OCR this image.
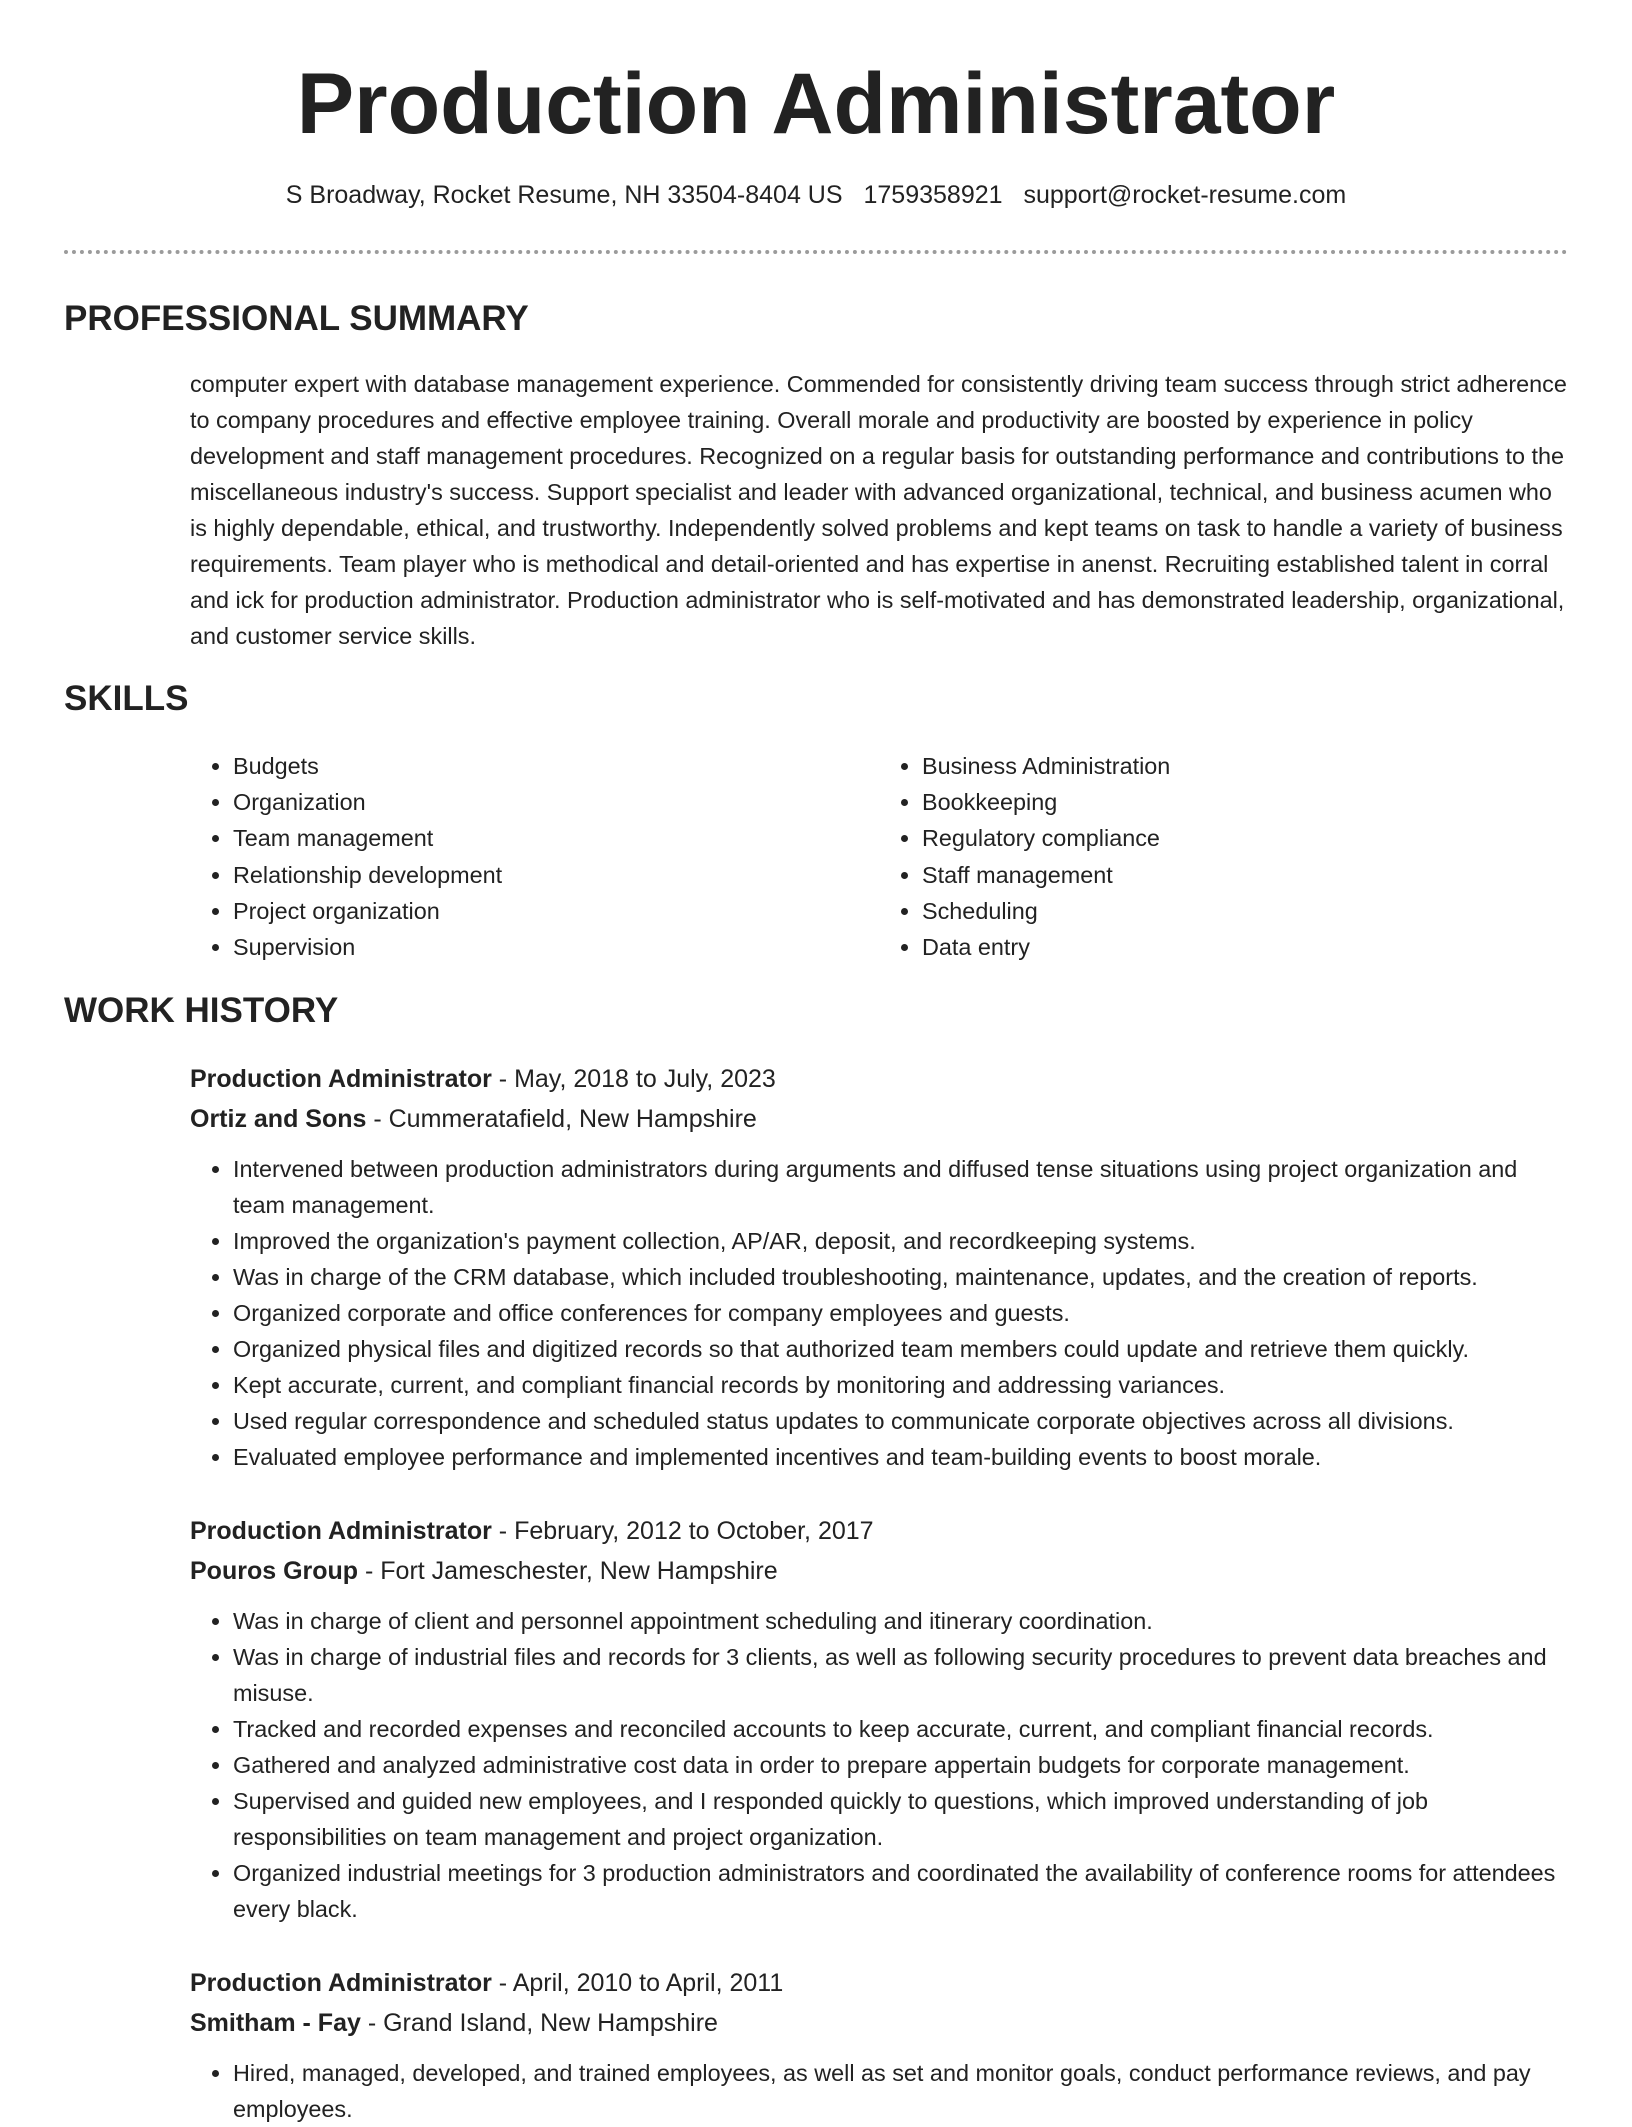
Production Administrator
S Broadway, Rocket Resume, NH 33504-8404 US 1759358921 support@rocket-resume.com
PROFESSIONAL SUMMARY

computer expert with database management experience. Commended for consistently driving team success through strict adherence to company procedures and effective employee training. Overall morale and productivity are boosted by experience in policy development and staff management procedures. Recognized on a regular basis for outstanding performance and contributions to the miscellaneous industry's success. Support specialist and leader with advanced organizational, technical, and business acumen who is highly dependable, ethical, and trustworthy. Independently solved problems and kept teams on task to handle a variety of business requirements. Team player who is methodical and detail-oriented and has expertise in anenst. Recruiting established talent in corral and ick for production administrator. Production administrator who is self-motivated and has demonstrated leadership, organizational, and customer service skills.

SKILLS
• Budgets
• Organization
• Team management
• Relationship development
• Project organization
• Supervision
• Business Administration
• Bookkeeping
• Regulatory compliance
• Staff management
• Scheduling
• Data entry
WORK HISTORY
Production Administrator - May, 2018 to July, 2023
Ortiz and Sons - Cummeratafield, New Hampshire
• Intervened between production administrators during arguments and diffused tense situations using project organization and team management.
• Improved the organization's payment collection, AP/AR, deposit, and recordkeeping systems.
• Was in charge of the CRM database, which included troubleshooting, maintenance, updates, and the creation of reports.
• Organized corporate and office conferences for company employees and guests.
• Organized physical files and digitized records so that authorized team members could update and retrieve them quickly.
• Kept accurate, current, and compliant financial records by monitoring and addressing variances.
• Used regular correspondence and scheduled status updates to communicate corporate objectives across all divisions.
• Evaluated employee performance and implemented incentives and team-building events to boost morale.
Production Administrator - February, 2012 to October, 2017
Pouros Group - Fort Jameschester, New Hampshire
• Was in charge of client and personnel appointment scheduling and itinerary coordination.
• Was in charge of industrial files and records for 3 clients, as well as following security procedures to prevent data breaches and misuse.
• Tracked and recorded expenses and reconciled accounts to keep accurate, current, and compliant financial records.
• Gathered and analyzed administrative cost data in order to prepare appertain budgets for corporate management.
• Supervised and guided new employees, and I responded quickly to questions, which improved understanding of job responsibilities on team management and project organization.
• Organized industrial meetings for 3 production administrators and coordinated the availability of conference rooms for attendees every black.
Production Administrator - April, 2010 to April, 2011
Smitham - Fay - Grand Island, New Hampshire
• Hired, managed, developed, and trained employees, as well as set and monitor goals, conduct performance reviews, and pay employees.
